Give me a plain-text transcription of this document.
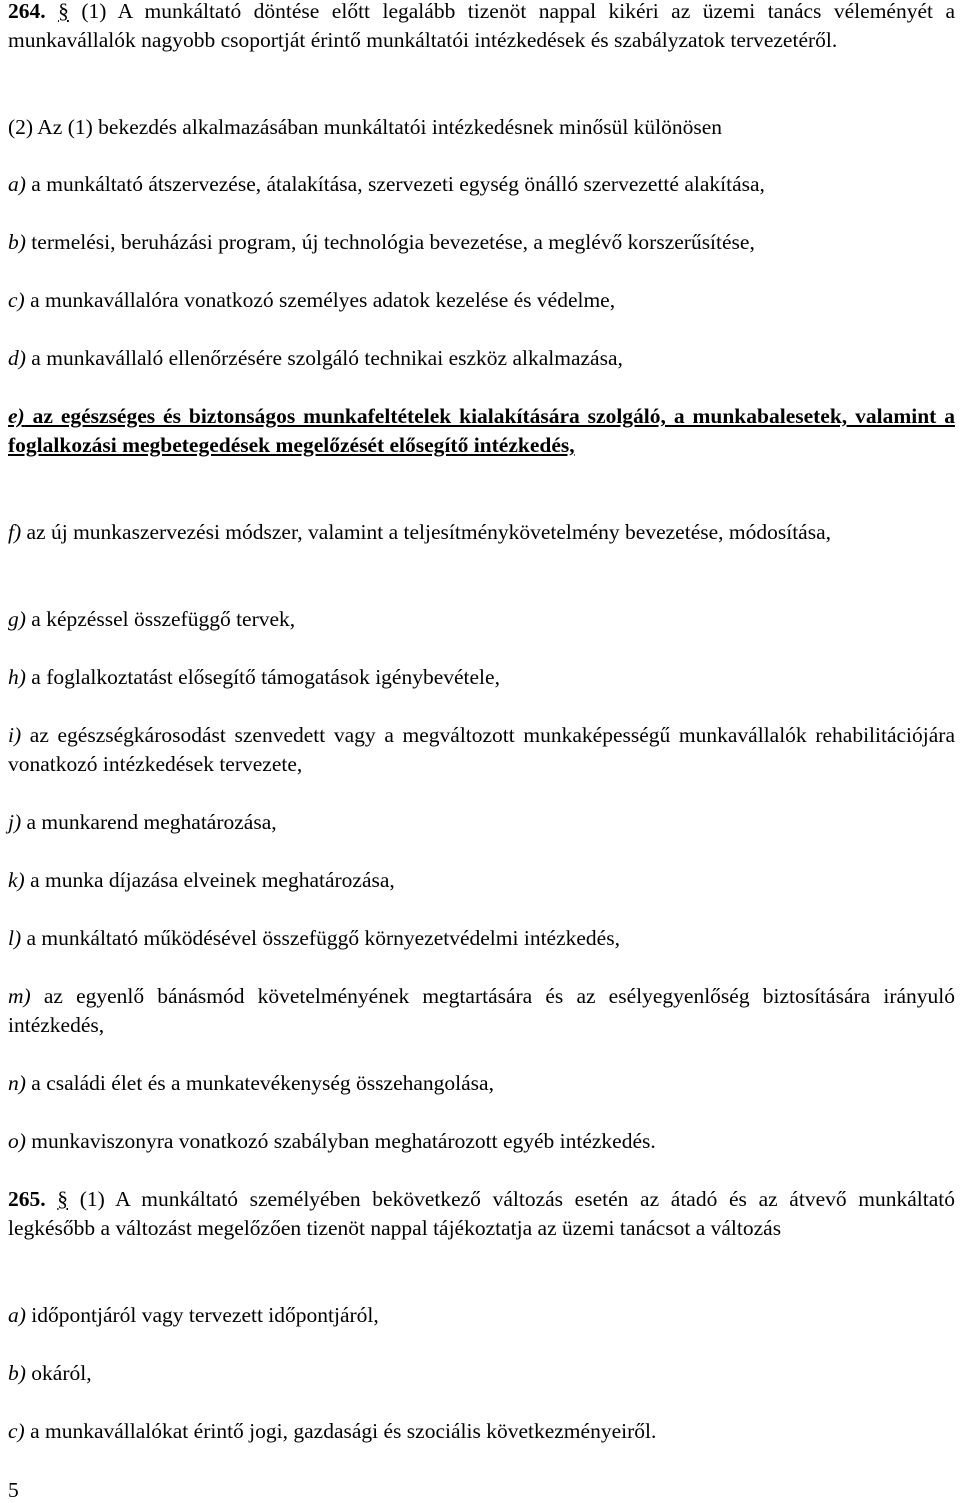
264. § (1) A munkáltató döntése előtt legalább tizenöt nappal kikéri az üzemi tanács véleményét a munkavállalók nagyobb csoportját érintő munkáltatói intézkedések és szabályzatok tervezetéről.

(2) Az (1) bekezdés alkalmazásában munkáltatói intézkedésnek minősül különösen

a) a munkáltató átszervezése, átalakítása, szervezeti egység önálló szervezetté alakítása,

b) termelési, beruházási program, új technológia bevezetése, a meglévő korszerűsítése,

c) a munkavállalóra vonatkozó személyes adatok kezelése és védelme,

d) a munkavállaló ellenőrzésére szolgáló technikai eszköz alkalmazása,

e) az egészséges és biztonságos munkafeltételek kialakítására szolgáló, a munkabalesetek, valamint a foglalkozási megbetegedések megelőzését elősegítő intézkedés,

f) az új munkaszervezési módszer, valamint a teljesítménykövetelmény bevezetése, módosítása,

g) a képzéssel összefüggő tervek,

h) a foglalkoztatást elősegítő támogatások igénybevétele,

i) az egészségkárosodást szenvedett vagy a megváltozott munkaképességű munkavállalók rehabilitációjára vonatkozó intézkedések tervezete,

j) a munkarend meghatározása,

k) a munka díjazása elveinek meghatározása,

l) a munkáltató működésével összefüggő környezetvédelmi intézkedés,

m) az egyenlő bánásmód követelményének megtartására és az esélyegyenlőség biztosítására irányuló intézkedés,

n) a családi élet és a munkatevékenység összehangolása,

o) munkaviszonyra vonatkozó szabályban meghatározott egyéb intézkedés.

265. § (1) A munkáltató személyében bekövetkező változás esetén az átadó és az átvevő munkáltató legkésőbb a változást megelőzően tizenöt nappal tájékoztatja az üzemi tanácsot a változás

a) időpontjáról vagy tervezett időpontjáról,

b) okáról,

c) a munkavállalókat érintő jogi, gazdasági és szociális következményeiről.

5
